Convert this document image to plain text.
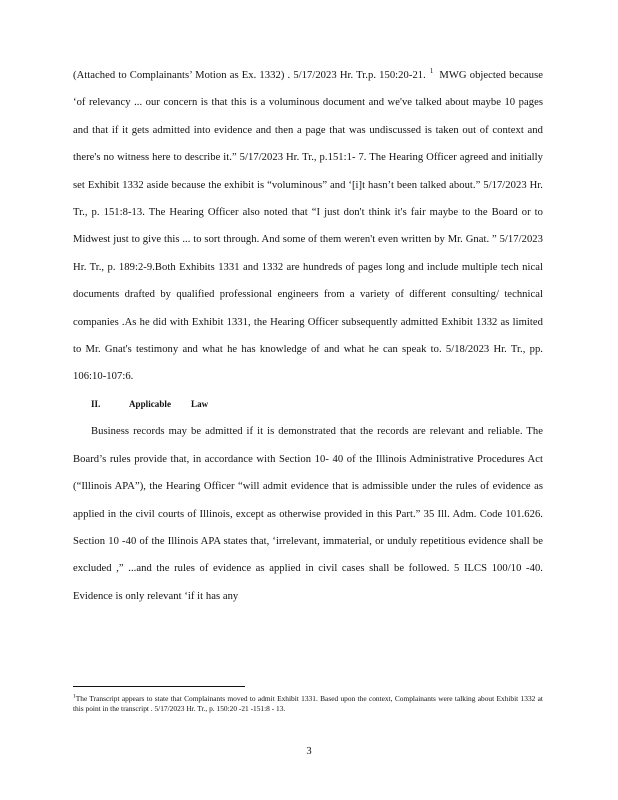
(Attached to Complainants’ Motion as Ex. 1332) . 5/17/2023 Hr. Tr.p. 150:20-21. $^1$ MWG objected because ‘of relevancy ... our concern is that this is a voluminous document and we've talked about maybe 10 pages and that if it gets admitted into evidence and then a page that was undiscussed is taken out of context and there's no witness here to describe it.” 5/17/2023 Hr. Tr., p.151:1- 7. The Hearing Officer agreed and initially set Exhibit 1332 aside because the exhibit is “voluminous” and ‘[i]t hasn’t been talked about.” 5/17/2023 Hr. Tr., p. 151:8-13. The Hearing Officer also noted that “I just don't think it's fair maybe to the Board or to Midwest just to give this ... to sort through. And some of them weren't even written by Mr. Gnat. ” 5/17/2023 Hr. Tr., p. 189:2-9.Both Exhibits 1331 and 1332 are hundreds of pages long and include multiple tech nical documents drafted by qualified professional engineers from a variety of different consulting/ technical companies .As he did with Exhibit 1331, the Hearing Officer subsequently admitted Exhibit 1332 as limited to Mr. Gnat's testimony and what he has knowledge of and what he can speak to. 5/18/2023 Hr. Tr., pp. 106:10-107:6.

II.	Applicable Law

Business records may be admitted if it is demonstrated that the records are relevant and reliable. The Board’s rules provide that, in accordance with Section 10- 40 of the Illinois Administrative Procedures Act (“Illinois APA”), the Hearing Officer “will admit evidence that is admissible under the rules of evidence as applied in the civil courts of Illinois, except as otherwise provided in this Part.” 35 Ill. Adm. Code 101.626. Section 10 -40 of the Illinois APA states that, ‘irrelevant, immaterial, or unduly repetitious evidence shall be excluded ,” ...and the rules of evidence as applied in civil cases shall be followed. 5 ILCS 100/10 -40. Evidence is only relevant ‘if it has any

$^1$The Transcript appears to state that Complainants moved to admit Exhibit 1331. Based upon the context, Complainants were talking about Exhibit 1332 at this point in the transcript . 5/17/2023 Hr. Tr., p. 150:20 -21 -151:8 - 13.
3
